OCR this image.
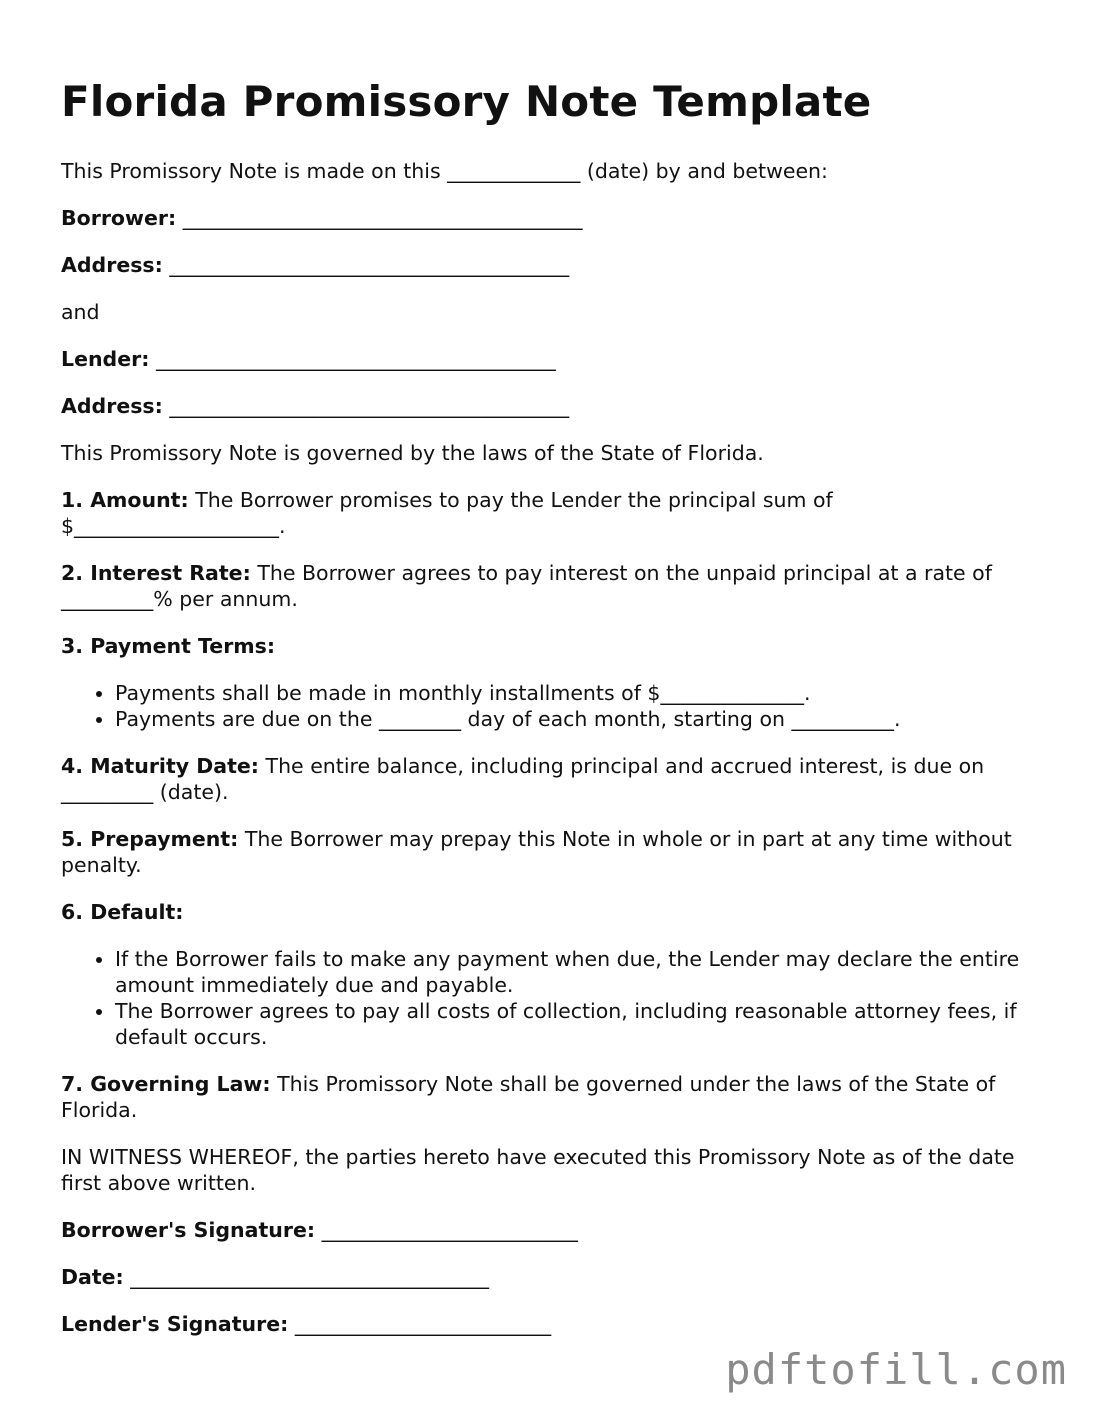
Florida Promissory Note Template

This Promissory Note is made on this _____________ (date) by and between:

Borrower: _______________________________________

Address: _______________________________________

and

Lender: _______________________________________

Address: _______________________________________

This Promissory Note is governed by the laws of the State of Florida.

1. Amount: The Borrower promises to pay the Lender the principal sum of $____________________.

2. Interest Rate: The Borrower agrees to pay interest on the unpaid principal at a rate of _________% per annum.

3. Payment Terms:

• Payments shall be made in monthly installments of $______________.
• Payments are due on the ________ day of each month, starting on __________.

4. Maturity Date: The entire balance, including principal and accrued interest, is due on _________ (date).

5. Prepayment: The Borrower may prepay this Note in whole or in part at any time without penalty.

6. Default:

• If the Borrower fails to make any payment when due, the Lender may declare the entire amount immediately due and payable.
• The Borrower agrees to pay all costs of collection, including reasonable attorney fees, if default occurs.

7. Governing Law: This Promissory Note shall be governed under the laws of the State of Florida.

IN WITNESS WHEREOF, the parties hereto have executed this Promissory Note as of the date first above written.

Borrower's Signature: _________________________

Date: ___________________________________

Lender's Signature: _________________________

pdftofill.com
